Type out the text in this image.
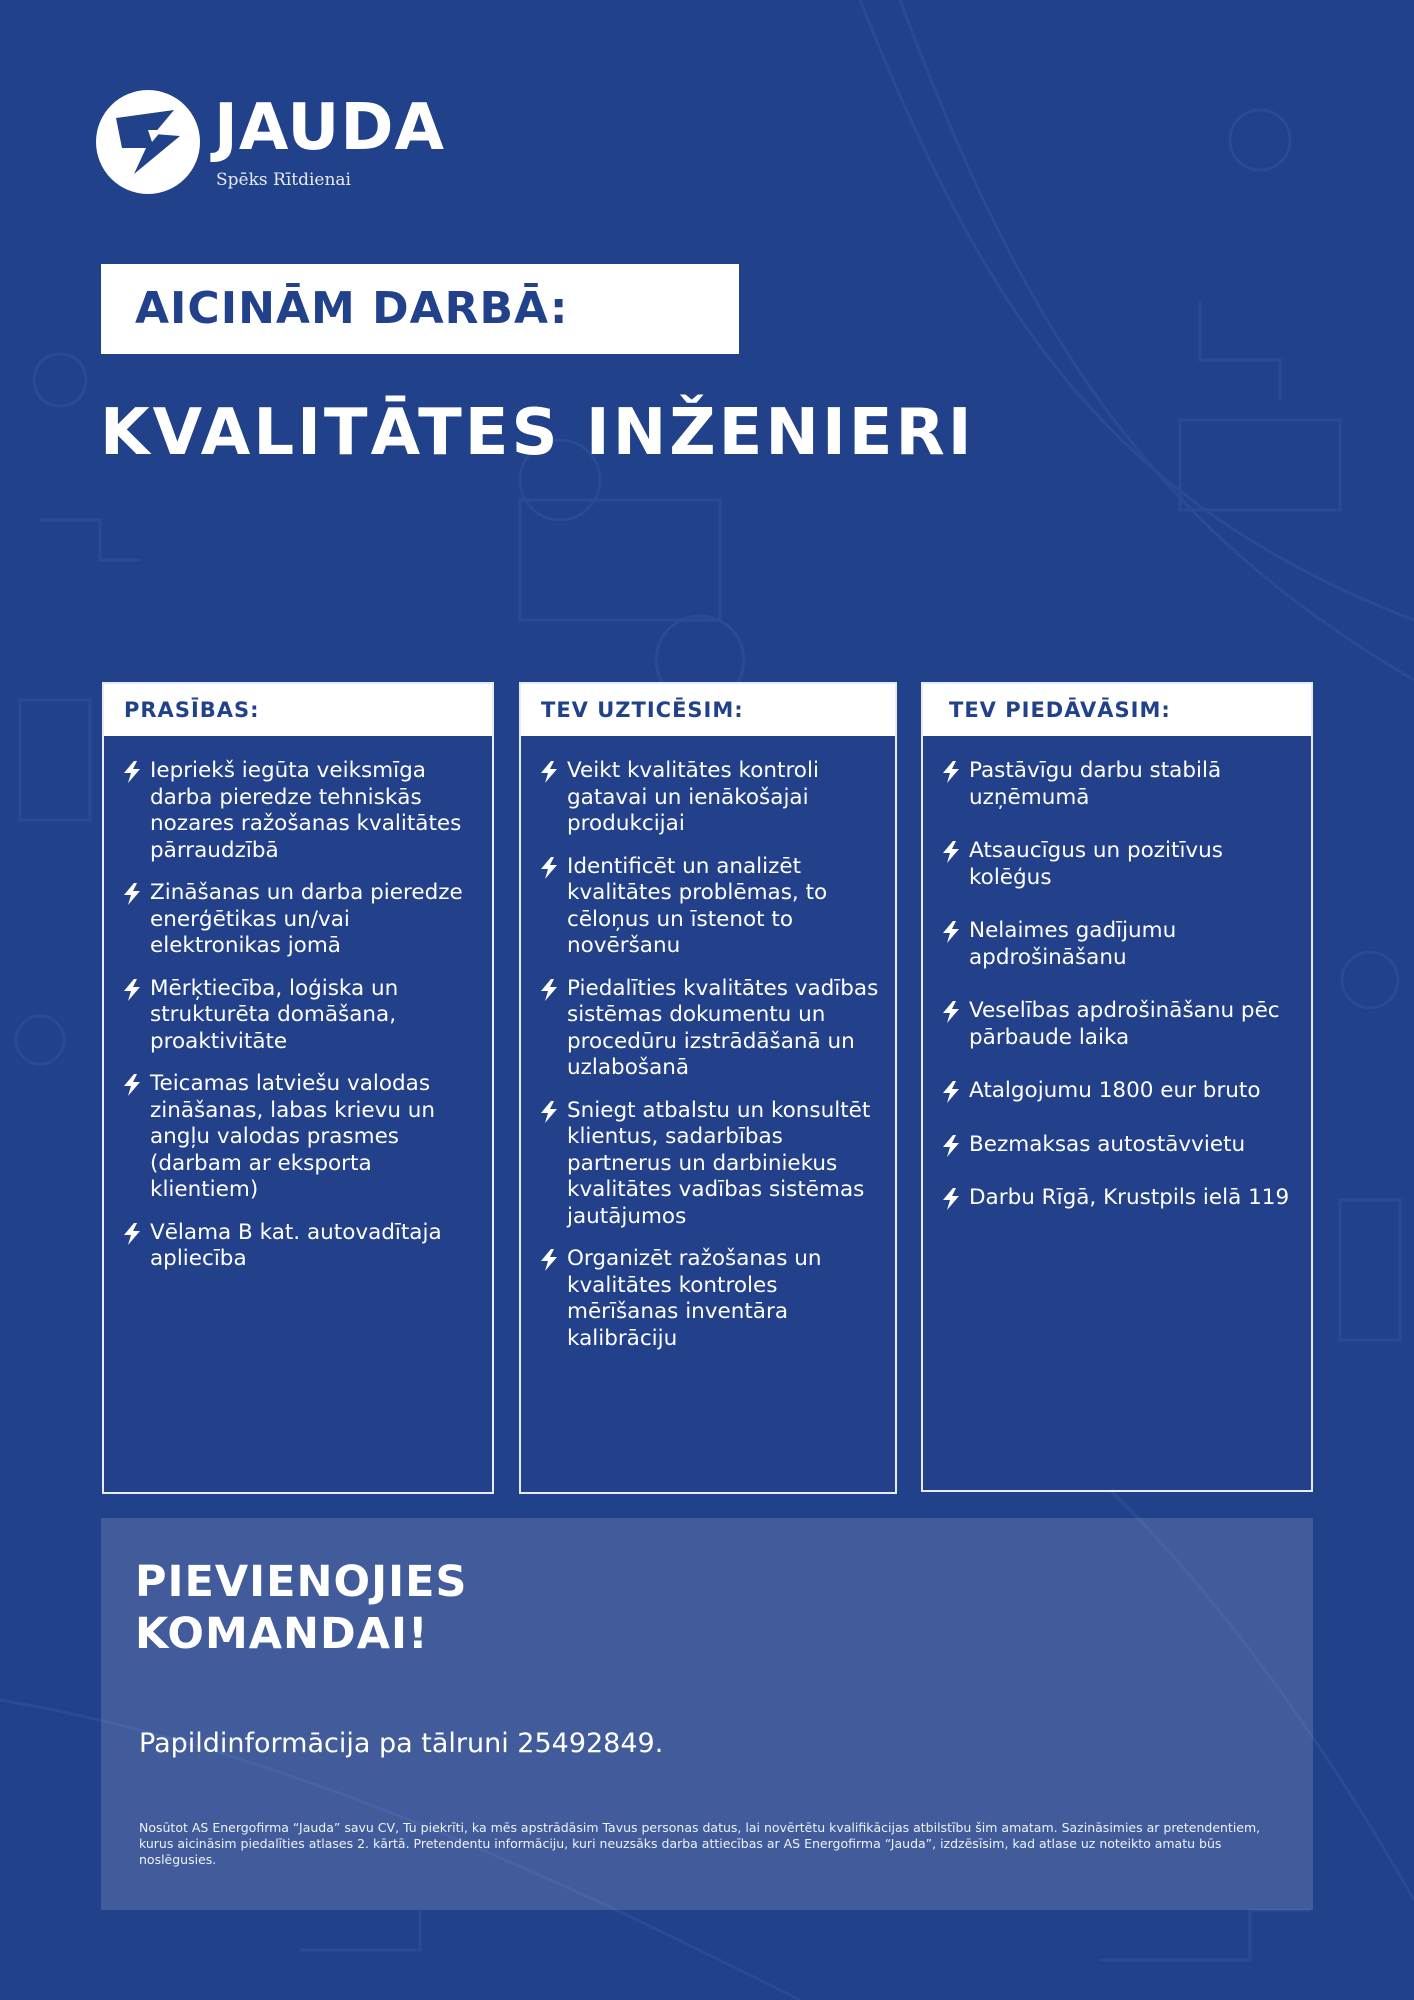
JAUDA
Spēks Rītdienai
AICINĀM DARBĀ:
KVALITĀTES INŽENIERI
PRASĪBAS:
Iepriekš iegūta veiksmīga darba pieredze tehniskās nozares ražošanas kvalitātes pārraudzībā
Zināšanas un darba pieredze enerģētikas un/vai elektronikas jomā
Mērķtiecība, loģiska un strukturēta domāšana, proaktivitāte
Teicamas latviešu valodas zināšanas, labas krievu un angļu valodas prasmes (darbam ar eksporta klientiem)
Vēlama B kat. autovadītaja apliecība
TEV UZTICĒSIM:
Veikt kvalitātes kontroli gatavai un ienākošajai produkcijai
Identificēt un analizēt kvalitātes problēmas, to cēloņus un īstenot to novēršanu
Piedalīties kvalitātes vadības sistēmas dokumentu un procedūru izstrādāšanā un uzlabošanā
Sniegt atbalstu un konsultēt klientus, sadarbības partnerus un darbiniekus kvalitātes vadības sistēmas jautājumos
Organizēt ražošanas un kvalitātes kontroles mērīšanas inventāra kalibrāciju
TEV PIEDĀVĀSIM:
Pastāvīgu darbu stabilā uzņēmumā
Atsaucīgus un pozitīvus kolēģus
Nelaimes gadījumu apdrošināšanu
Veselības apdrošināšanu pēc pārbaude laika
Atalgojumu 1800 eur bruto
Bezmaksas autostāvvietu
Darbu Rīgā, Krustpils ielā 119
PIEVIENOJIES
KOMANDAI!
Papildinformācija pa tālruni 25492849.
Nosūtot AS Energofirma “Jauda” savu CV, Tu piekrīti, ka mēs apstrādāsim Tavus personas datus, lai novērtētu kvalifikācijas atbilstību šim amatam. Sazināsimies ar pretendentiem, kurus aicināsim piedalīties atlases 2. kārtā. Pretendentu informāciju, kuri neuzsāks darba attiecības ar AS Energofirma “Jauda”, izdzēsīsim, kad atlase uz noteikto amatu būs noslēgusies.
